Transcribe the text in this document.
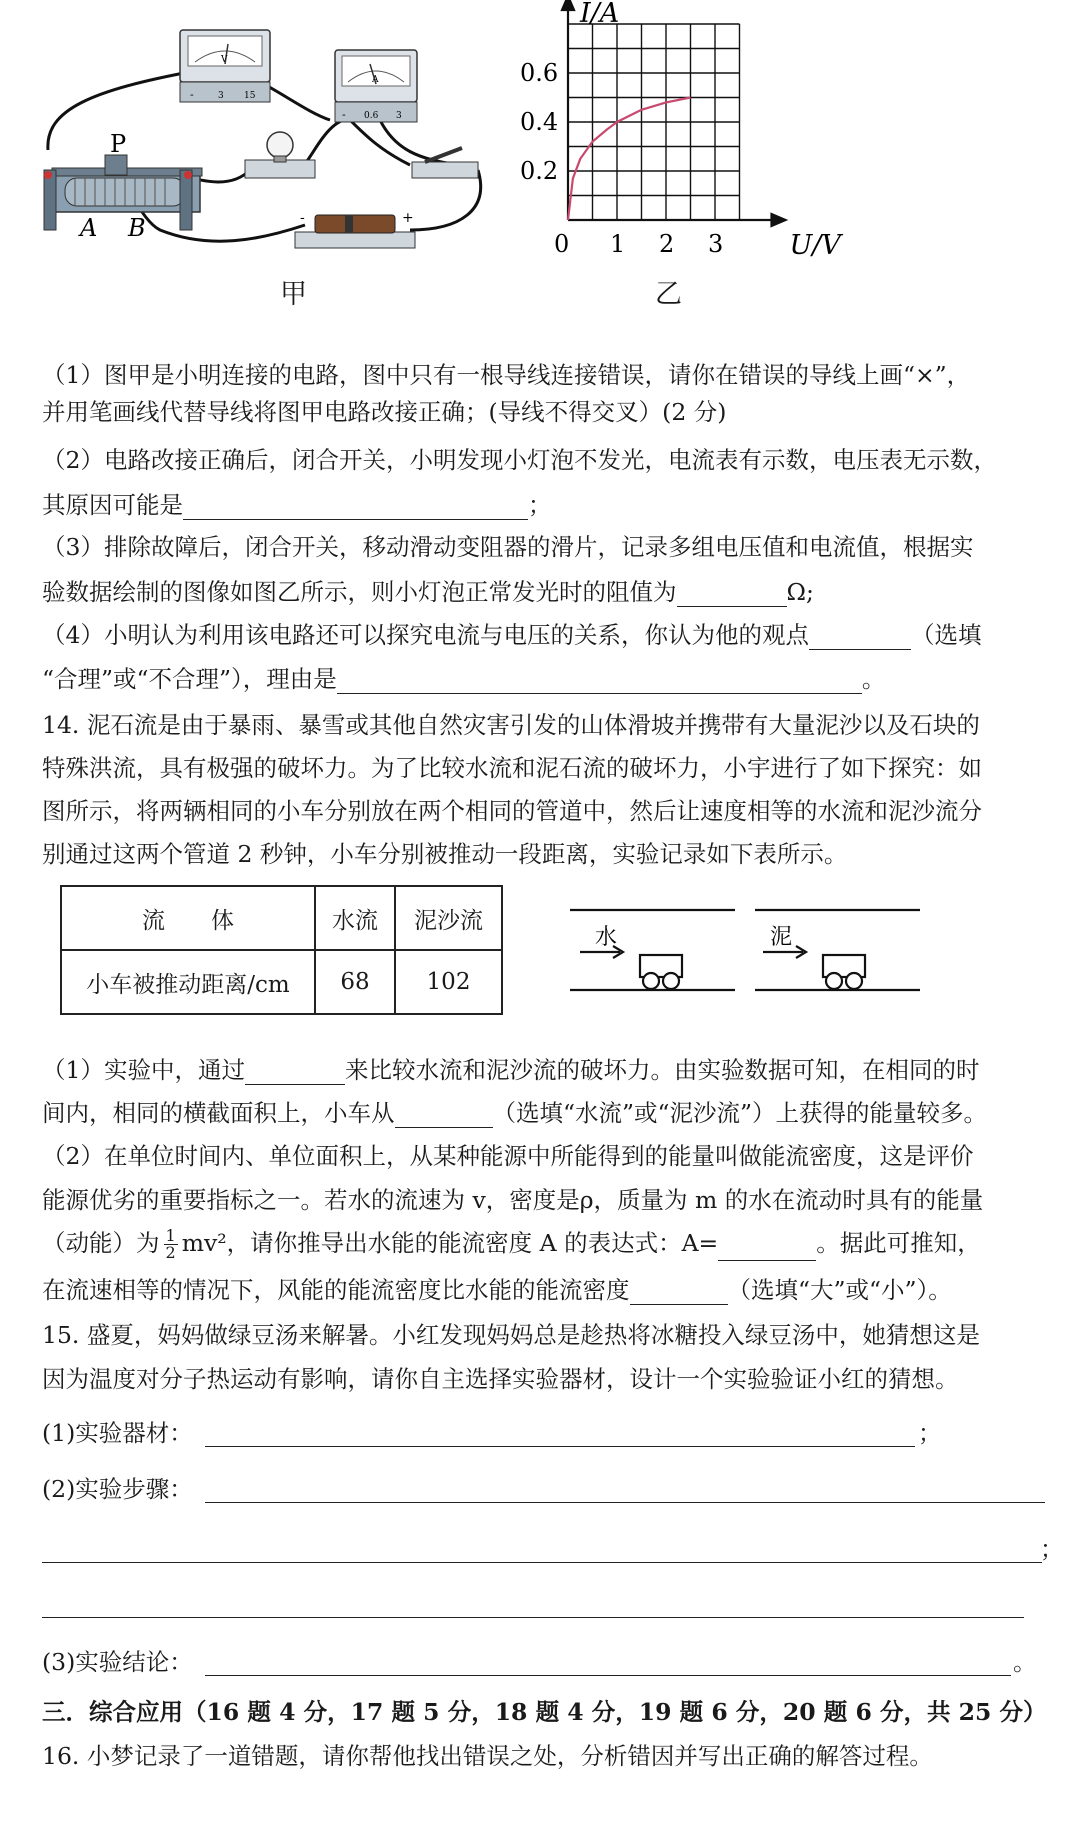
V
-	3 15
A
- 0.6 3
-	+
P
A B
甲
I/A
U/V
0
0.2
0.4
0.6
1 2 3
乙
（1）图甲是小明连接的电路，图中只有一根导线连接错误，请你在错误的导线上画“×”，
并用笔画线代替导线将图甲电路改接正确；(导线不得交叉）(2 分)
（2）电路改接正确后，闭合开关，小明发现小灯泡不发光，电流表有示数，电压表无示数，
其原因可能是	；
（3）排除故障后，闭合开关，移动滑动变阻器的滑片，记录多组电压值和电流值，根据实
验数据绘制的图像如图乙所示，则小灯泡正常发光时的阻值为	Ω;
（4）小明认为利用该电路还可以探究电流与电压的关系，你认为他的观点	（选填
“合理”或“不合理”），理由是	。
14. 泥石流是由于暴雨、暴雪或其他自然灾害引发的山体滑坡并携带有大量泥沙以及石块的
特殊洪流，具有极强的破坏力。为了比较水流和泥石流的破坏力，小宇进行了如下探究：如
图所示，将两辆相同的小车分别放在两个相同的管道中，然后让速度相等的水流和泥沙流分
别通过这两个管道 2 秒钟，小车分别被推动一段距离，实验记录如下表所示。
流　　体	水流	泥沙流
小车被推动距离/cm	68	102
水	泥
（1）实验中，通过	来比较水流和泥沙流的破坏力。由实验数据可知，在相同的时
间内，相同的横截面积上，小车从	（选填“水流”或“泥沙流”）上获得的能量较多。
（2）在单位时间内、单位面积上，从某种能源中所能得到的能量叫做能流密度，这是评价
能源优劣的重要指标之一。若水的流速为 v，密度是ρ，质量为 m 的水在流动时具有的能量
（动能）为 $\frac{1}{2} mv^2$，请你推导出水能的能流密度 A 的表达式：A=	。据此可推知，
在流速相等的情况下，风能的能流密度比水能的能流密度	（选填“大”或“小”）。
15. 盛夏，妈妈做绿豆汤来解暑。小红发现妈妈总是趁热将冰糖投入绿豆汤中，她猜想这是
因为温度对分子热运动有影响，请你自主选择实验器材，设计一个实验验证小红的猜想。
(1)实验器材：	；
(2)实验步骤：
；
(3)实验结论：	。
三．综合应用（16 题 4 分，17 题 5 分，18 题 4 分，19 题 6 分，20 题 6 分，共 25 分）
16. 小梦记录了一道错题，请你帮他找出错误之处，分析错因并写出正确的解答过程。
